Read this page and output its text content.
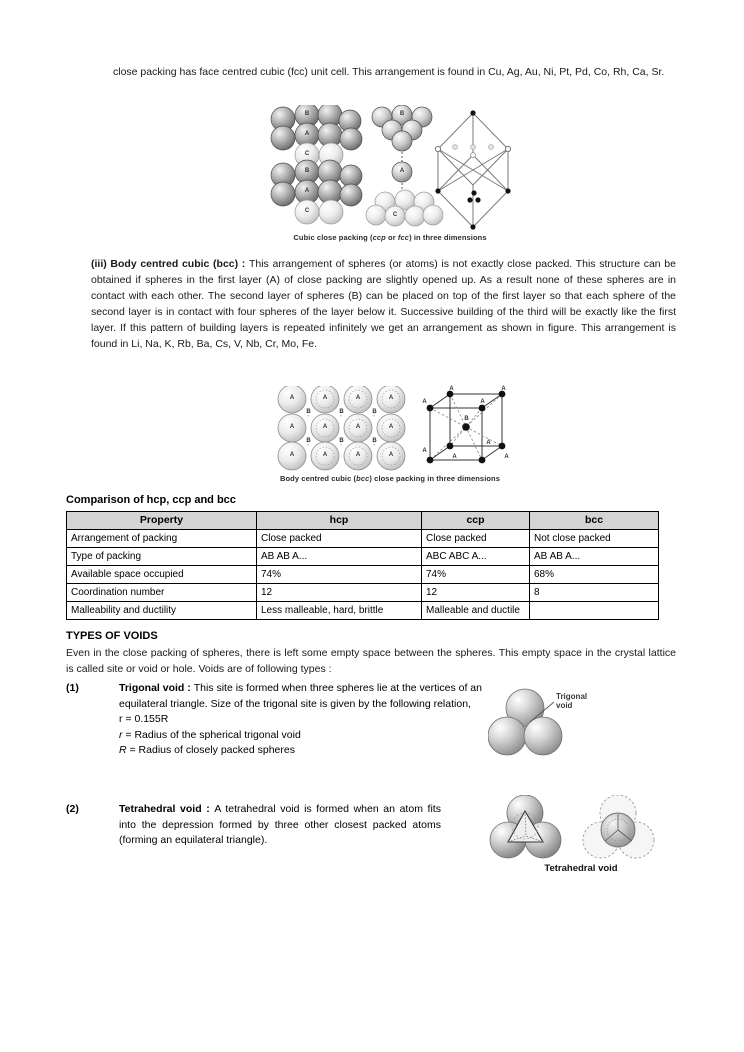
close packing has face centred cubic (fcc) unit cell. This arrangement is found in Cu, Ag, Au, Ni, Pt, Pd, Co, Rh, Ca, Sr.
B
A
C
B
A
C
B
A
C
Cubic close packing (ccp or fcc) in three dimensions
(iii) Body centred cubic (bcc) : This arrangement of spheres (or atoms) is not exactly close packed. This structure can be obtained if spheres in the first layer (A) of close packing are slightly opened up. As a result none of these spheres are in contact with each other. The second layer of spheres (B) can be placed on top of the first layer so that each sphere of the second layer is in contact with four spheres of the layer below it. Successive building of the third will be exactly like the first layer. If this pattern of building layers is repeated infinitely we get an arrangement as shown in figure. This arrangement is found in Li, Na, K, Rb, Ba, Cs, V, Nb, Cr, Mo, Fe.
A	A	A	A
A	A	A	A
A	A	A	A
B	B	B
B	B	B
A
A
A
A
A
A
A
A
B
Body centred cubic (bcc) close packing in three dimensions
Comparison of hcp, ccp and bcc
Property	hcp	ccp	bcc
Arrangement of packing	Close packed	Close packed	Not close packed
Type of packing	AB AB A...	ABC ABC A...	AB AB A...
Available space occupied	74%	74%	68%
Coordination number	12	12	8
Malleability and ductility	Less malleable, hard, brittle	Malleable and ductile	
TYPES OF VOIDS
Even in the close packing of spheres, there is left some empty space between the spheres. This empty space in the crystal lattice is called site or void or hole. Voids are of following types :
(1)	Trigonal void : This site is formed when three spheres lie at the vertices of an equilateral triangle. Size of the trigonal site is given by the following relation,
r = 0.155R
r = Radius of the spherical trigonal void
R = Radius of closely packed spheres
Trigonal
void
(2)	Tetrahedral void : A tetrahedral void is formed when an atom fits into the depression formed by three other closest packed atoms (forming an equilateral triangle).
Tetrahedral void
